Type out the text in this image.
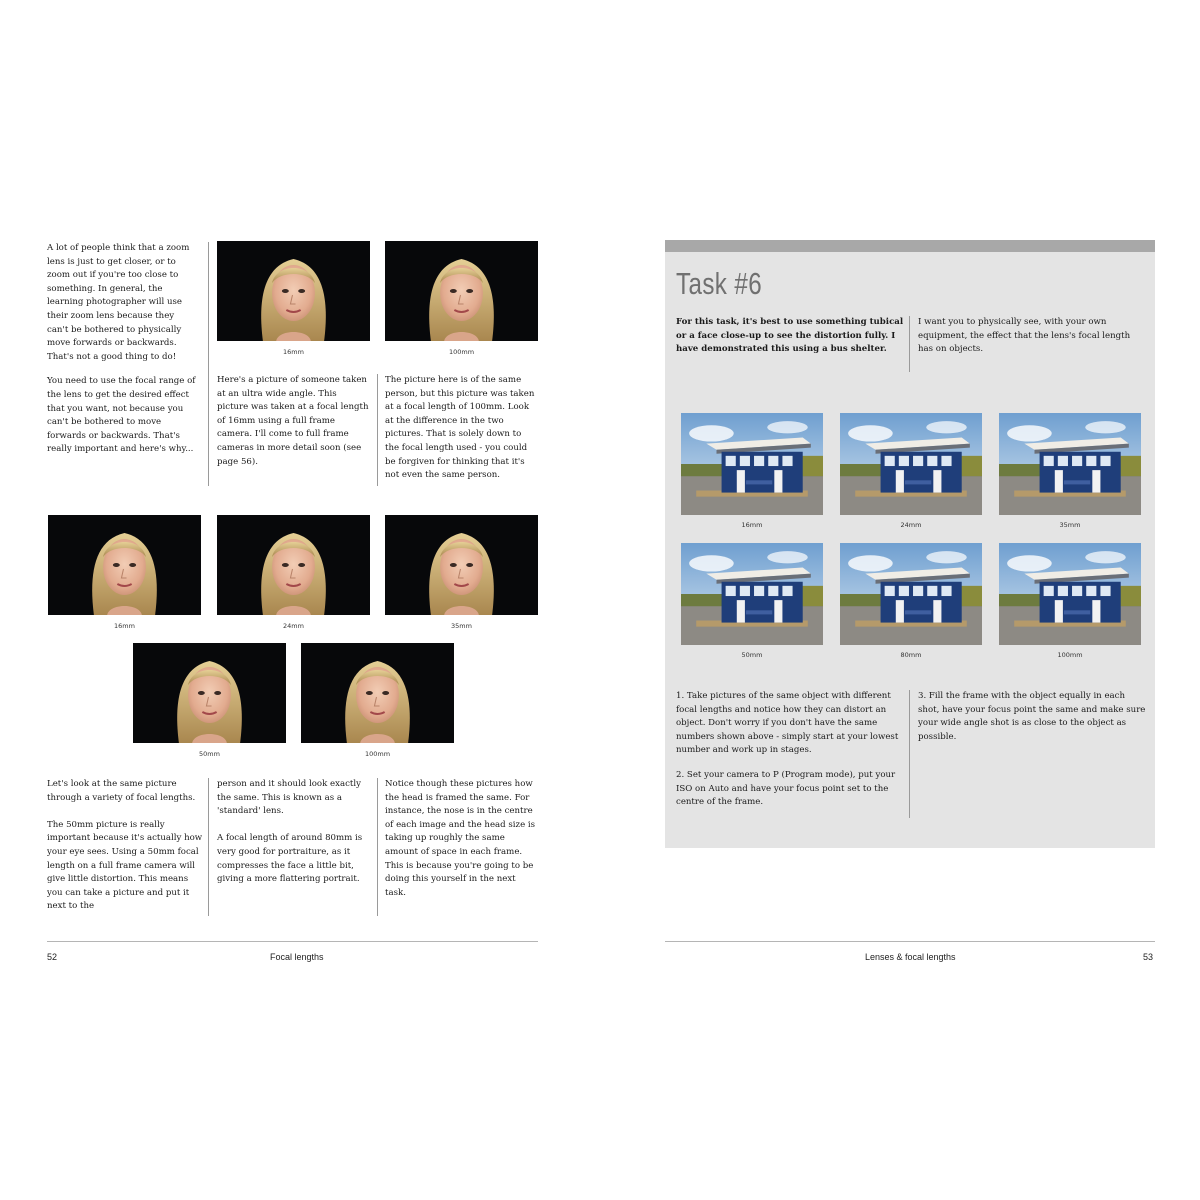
A lot of people think that a zoom lens is just to get closer, or to zoom out if you're too close to something. In general, the learning photographer will use their zoom lens because they can't be bothered to physically move forwards or backwards. That's not a good thing to do!

You need to use the focal range of the lens to get the desired effect that you want, not because you can't be bothered to move forwards or backwards. That's really important and here's why...

16mm	100mm

Here's a picture of someone taken at an ultra wide angle. This picture was taken at a focal length of 16mm using a full frame camera. I'll come to full frame cameras in more detail soon (see page 56).

The picture here is of the same person, but this picture was taken at a focal length of 100mm. Look at the difference in the two pictures. That is solely down to the focal length used - you could be forgiven for thinking that it's not even the same person.

16mm	24mm	35mm
50mm	100mm

Let's look at the same picture through a variety of focal lengths.

The 50mm picture is really important because it's actually how your eye sees. Using a 50mm focal length on a full frame camera will give little distortion. This means you can take a picture and put it next to the

person and it should look exactly the same. This is known as a 'standard' lens.

A focal length of around 80mm is very good for portraiture, as it compresses the face a little bit, giving a more flattering portrait.

Notice though these pictures how the head is framed the same. For instance, the nose is in the centre of each image and the head size is taking up roughly the same amount of space in each frame. This is because you're going to be doing this yourself in the next task.

52	Focal lengths
Task #6

For this task, it's best to use something tubical or a face close-up to see the distortion fully. I have demonstrated this using a bus shelter.

I want you to physically see, with your own equipment, the effect that the lens's focal length has on objects.

16mm	24mm	35mm
50mm	80mm	100mm

1. Take pictures of the same object with different focal lengths and notice how they can distort an object. Don't worry if you don't have the same numbers shown above - simply start at your lowest number and work up in stages.

2. Set your camera to P (Program mode), put your ISO on Auto and have your focus point set to the centre of the frame.

3. Fill the frame with the object equally in each shot, have your focus point the same and make sure your wide angle shot is as close to the object as possible.

Lenses & focal lengths	53
